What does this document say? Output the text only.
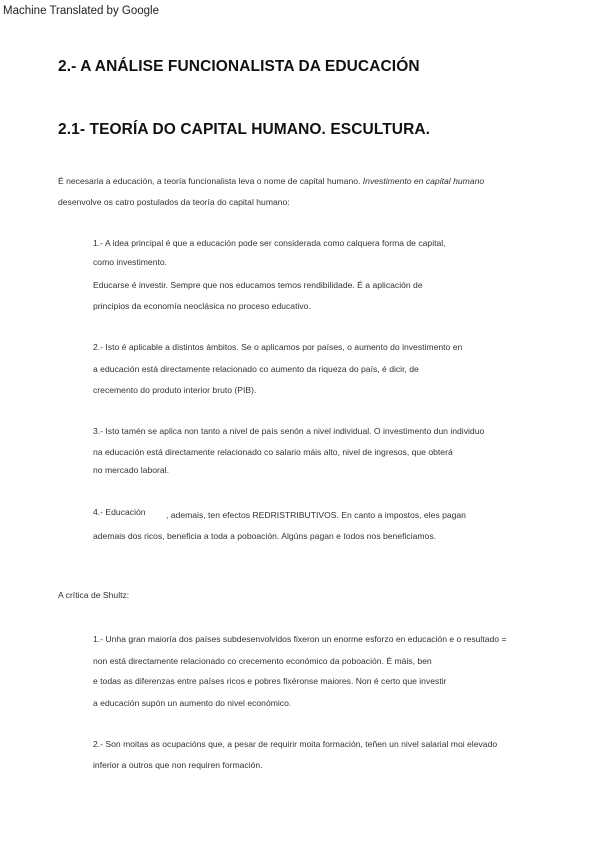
Machine Translated by Google
2.- A ANÁLISE FUNCIONALISTA DA EDUCACIÓN
2.1- TEORÍA DO CAPITAL HUMANO. ESCULTURA.

É necesaria a educación, a teoría funcionalista leva o nome de capital humano. Investimento en capital humano

desenvolve os catro postulados da teoría do capital humano:

1.- A idea principal é que a educación pode ser considerada como calquera forma de capital,

como investimento.

Educarse é investir. Sempre que nos educamos temos rendibilidade. É a aplicación de

principios da economía neoclásica no proceso educativo.

2.- Isto é aplicable a distintos ámbitos. Se o aplicamos por países, o aumento do investimento en

a educación está directamente relacionado co aumento da riqueza do país, é dicir, de

crecemento do produto interior bruto (PIB).

3.- Isto tamén se aplica non tanto a nivel de país senón a nivel individual. O investimento dun individuo

na educación está directamente relacionado co salario máis alto, nivel de ingresos, que obterá

no mercado laboral.

4.- Educación , ademais, ten efectos REDRISTRIBUTIVOS. En canto a impostos, eles pagan

ademais dos ricos, beneficia a toda a poboación. Algúns pagan e todos nos beneficiamos.

A crítica de Shultz:

1.- Unha gran maioría dos países subdesenvolvidos fixeron un enorme esforzo en educación e o resultado =

non está directamente relacionado co crecemento económico da poboación. É máis, ben

e todas as diferenzas entre países ricos e pobres fixéronse maiores. Non é certo que investir

a educación supón un aumento do nivel económico.

2.- Son moitas as ocupacións que, a pesar de requirir moita formación, teñen un nivel salarial moi elevado

inferior a outros que non requiren formación.
